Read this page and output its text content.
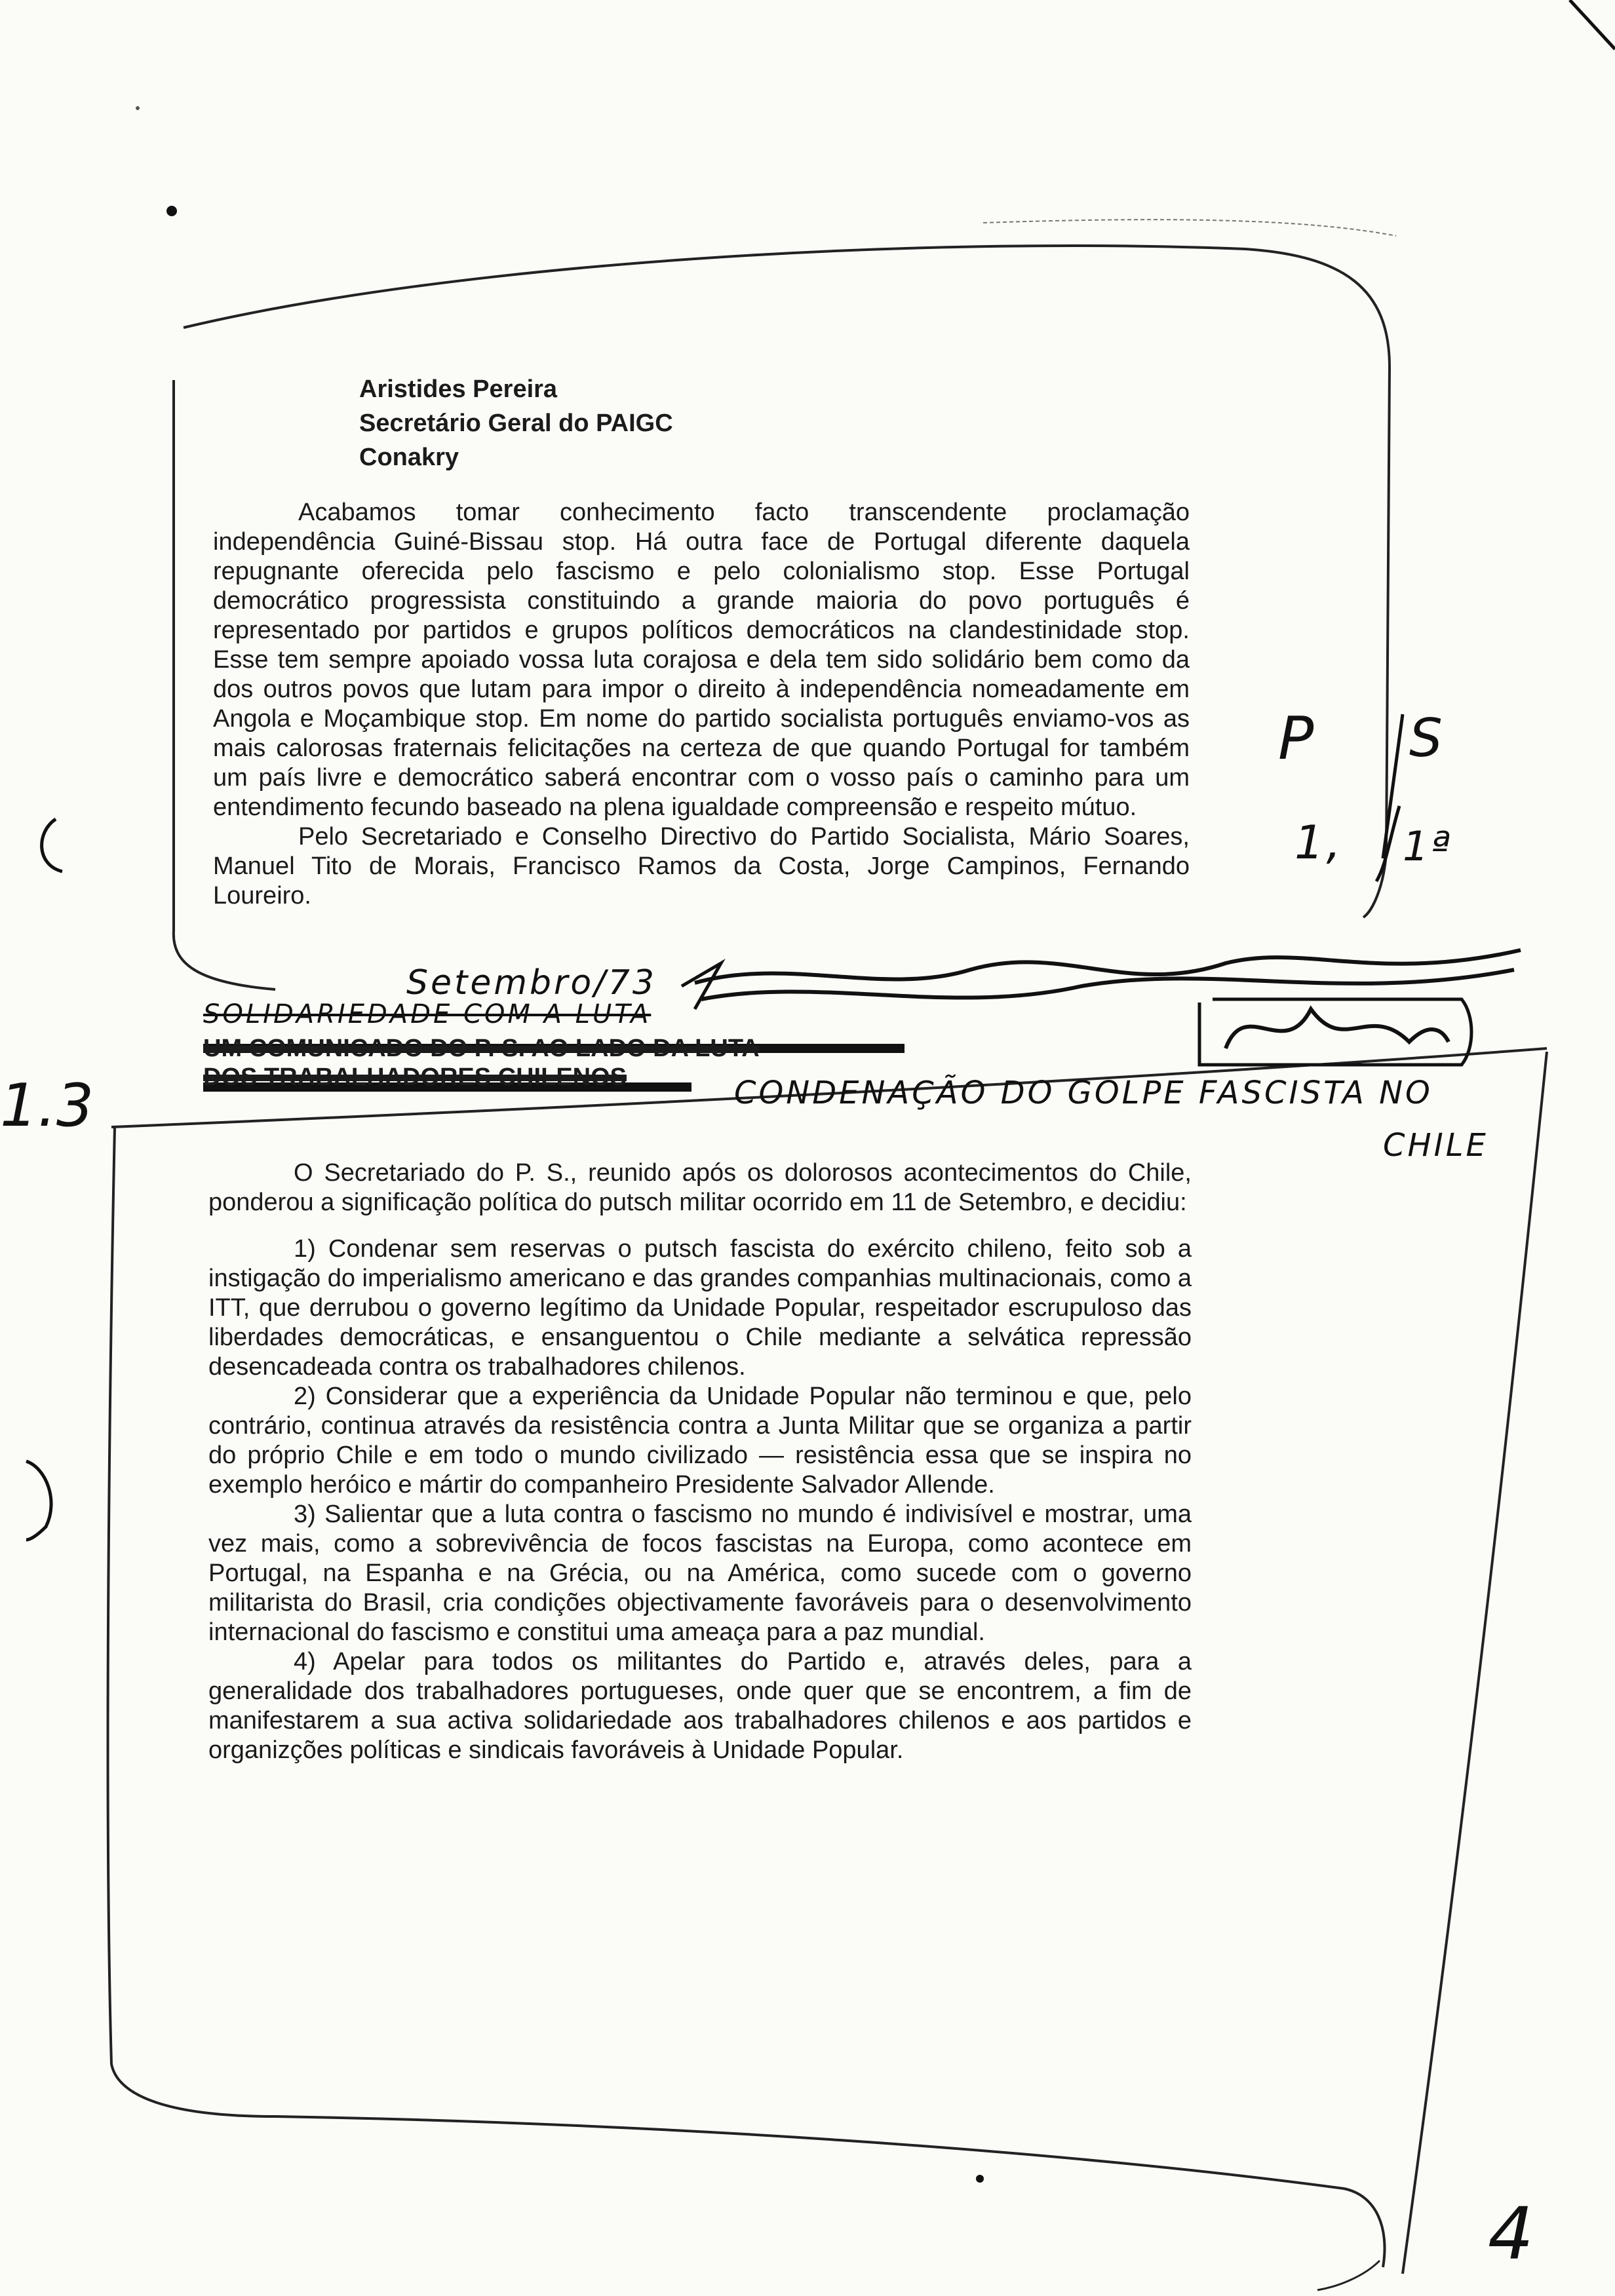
Aristides Pereira
Secretário Geral do PAIGC
Conakry

Acabamos tomar conhecimento facto transcendente proclamação independência Guiné-Bissau stop. Há outra face de Portugal diferente daquela repugnante oferecida pelo fascismo e pelo colonialismo stop. Esse Portugal democrático progressista constituindo a grande maioria do povo português é representado por partidos e grupos políticos democráticos na clandestinidade stop. Esse tem sempre apoiado vossa luta corajosa e dela tem sido solidário bem como da dos outros povos que lutam para impor o direito à independência nomeadamente em Angola e Moçambique stop. Em nome do partido socialista português enviamo-vos as mais calorosas fraternais felicitações na certeza de que quando Portugal for também um país livre e democrático saberá encontrar com o vosso país o caminho para um entendimento fecundo baseado na plena igualdade compreensão e respeito mútuo.

Pelo Secretariado e Conselho Directivo do Partido Socialista, Mário Soares, Manuel Tito de Morais, Francisco Ramos da Costa, Jorge Campinos, Fernando Loureiro.

Setembro/73
UM COMUNICADO DO P. S. AO LADO DA LUTA
DOS TRABALHADORES CHILENOS
SOLIDARIEDADE COM A LUTA
CONDENAÇÃO DO GOLPE FASCISTA NO
CHILE
P S
1, 1ª
1.3

O Secretariado do P. S., reunido após os dolorosos acontecimentos do Chile, ponderou a significação política do putsch militar ocorrido em 11 de Setembro, e decidiu:

1) Condenar sem reservas o putsch fascista do exército chileno, feito sob a instigação do imperialismo americano e das grandes companhias multinacionais, como a ITT, que derrubou o governo legítimo da Unidade Popular, respeitador escrupuloso das liberdades democráticas, e ensanguentou o Chile mediante a selvática repressão desencadeada contra os trabalhadores chilenos.

2) Considerar que a experiência da Unidade Popular não terminou e que, pelo contrário, continua através da resistência contra a Junta Militar que se organiza a partir do próprio Chile e em todo o mundo civilizado — resistência essa que se inspira no exemplo heróico e mártir do companheiro Presidente Salvador Allende.

3) Salientar que a luta contra o fascismo no mundo é indivisível e mostrar, uma vez mais, como a sobrevivência de focos fascistas na Europa, como acontece em Portugal, na Espanha e na Grécia, ou na América, como sucede com o governo militarista do Brasil, cria condições objectivamente favoráveis para o desenvolvimento internacional do fascismo e constitui uma ameaça para a paz mundial.

4) Apelar para todos os militantes do Partido e, através deles, para a generalidade dos trabalhadores portugueses, onde quer que se encontrem, a fim de manifestarem a sua activa solidariedade aos trabalhadores chilenos e aos partidos e organizções políticas e sindicais favoráveis à Unidade Popular.

4
